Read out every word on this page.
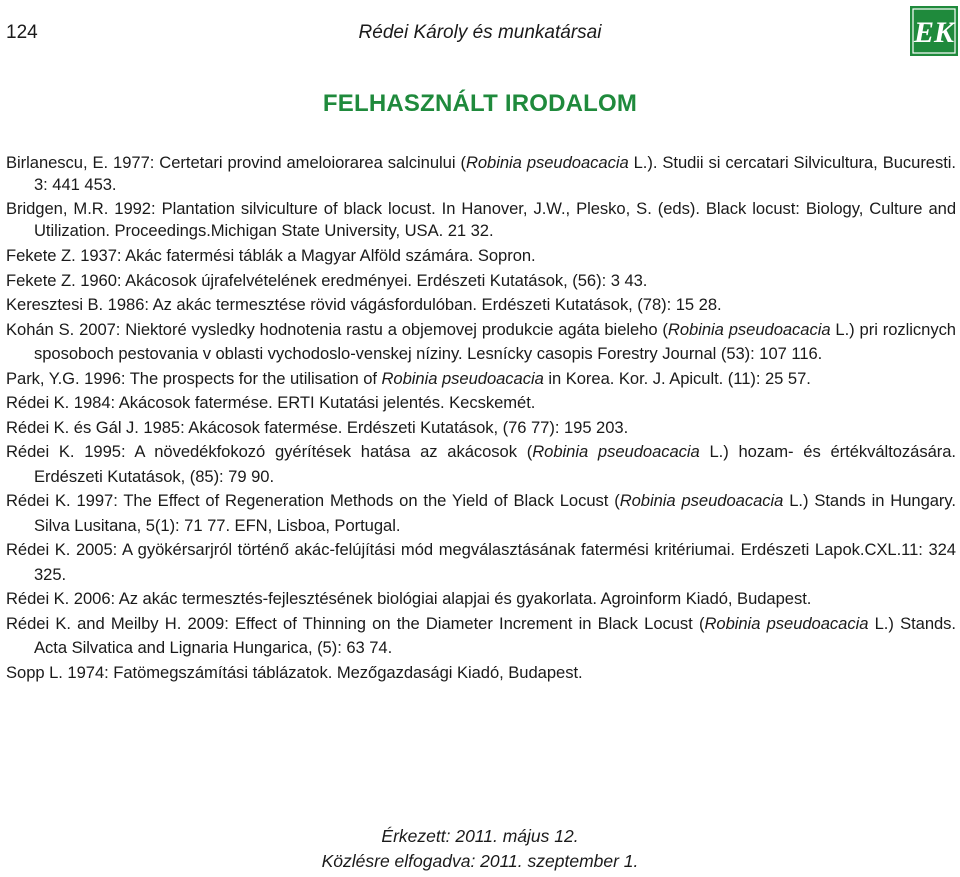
124	Rédei Károly és munkatársai	EK
FELHASZNÁLT IRODALOM
Birlanescu, E. 1977: Certetari provind ameloiorarea salcinului (Robinia pseudoacacia L.). Studii si cercatari Silvicultura, Bucuresti. 3: 441 453.
Bridgen, M.R. 1992: Plantation silviculture of black locust. In Hanover, J.W., Plesko, S. (eds). Black locust: Biology, Culture and Utilization. Proceedings.Michigan State University, USA. 21 32.
Fekete Z. 1937: Akác fatermési táblák a Magyar Alföld számára. Sopron.
Fekete Z. 1960: Akácosok újrafelvételének eredményei. Erdészeti Kutatások, (56): 3 43.
Keresztesi B. 1986: Az akác termesztése rövid vágásfordulóban. Erdészeti Kutatások, (78): 15 28.
Kohán S. 2007: Niektoré vysledky hodnotenia rastu a objemovej produkcie agáta bieleho (Robinia pseudoacacia L.) pri rozlicnych sposoboch pestovania v oblasti vychodoslo-venskej níziny. Lesnícky casopis Forestry Journal (53): 107 116.
Park, Y.G. 1996: The prospects for the utilisation of Robinia pseudoacacia in Korea. Kor. J. Apicult. (11): 25 57.
Rédei K. 1984: Akácosok fatermése. ERTI Kutatási jelentés. Kecskemét.
Rédei K. és Gál J. 1985: Akácosok fatermése. Erdészeti Kutatások, (76 77): 195 203.
Rédei K. 1995: A növedékfokozó gyérítések hatása az akácosok (Robinia pseudoacacia L.) hozam- és értékváltozására. Erdészeti Kutatások, (85): 79 90.
Rédei K. 1997: The Effect of Regeneration Methods on the Yield of Black Locust (Robinia pseudoacacia L.) Stands in Hungary. Silva Lusitana, 5(1): 71 77. EFN, Lisboa, Portugal.
Rédei K. 2005: A gyökérsarjról történő akác-felújítási mód megválasztásának fatermési kritériumai. Erdészeti Lapok.CXL.11: 324 325.
Rédei K. 2006: Az akác termesztés-fejlesztésének biológiai alapjai és gyakorlata. Agroinform Kiadó, Budapest.
Rédei K. and Meilby H. 2009: Effect of Thinning on the Diameter Increment in Black Locust (Robinia pseudoacacia L.) Stands. Acta Silvatica and Lignaria Hungarica, (5): 63 74.
Sopp L. 1974: Fatömegszámítási táblázatok. Mezőgazdasági Kiadó, Budapest.
Érkezett: 2011. május 12.
Közlésre elfogadva: 2011. szeptember 1.
